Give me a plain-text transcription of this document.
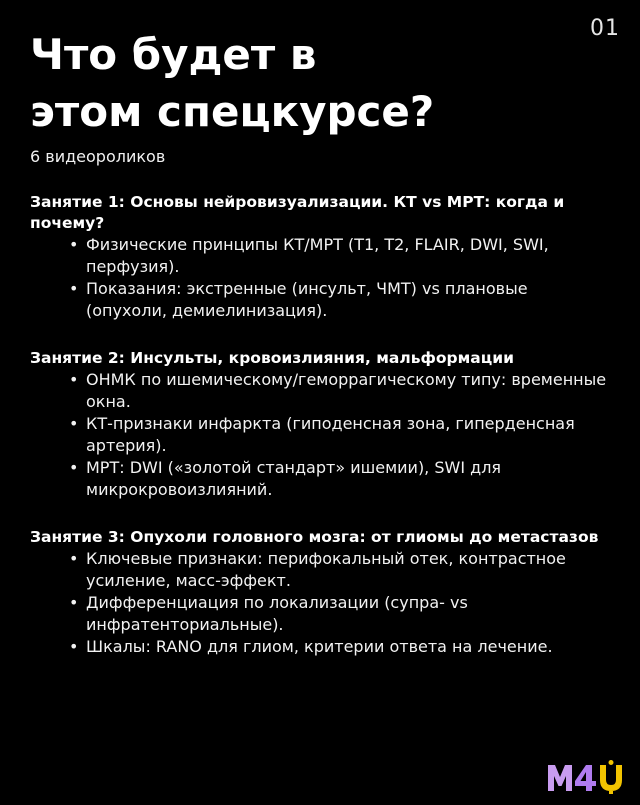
01
Что будет в
этом спецкурсе?
6 видеороликов

Занятие 1: Основы нейровизуализации. КТ vs МРТ: когда и почему?

• Физические принципы КТ/МРТ (T1, T2, FLAIR, DWI, SWI, перфузия).
• Показания: экстренные (инсульт, ЧМТ) vs плановые (опухоли, демиелинизация).

Занятие 2: Инсульты, кровоизлияния, мальформации

• ОНМК по ишемическому/геморрагическому типу: временные окна.
• КТ-признаки инфаркта (гиподенсная зона, гиперденсная артерия).
• МРТ: DWI («золотой стандарт» ишемии), SWI для микрокровоизлияний.

Занятие 3: Опухоли головного мозга: от глиомы до метастазов

• Ключевые признаки: перифокальный отек, контрастное усиление, масс-эффект.
• Дифференциация по локализации (супра- vs инфратенториальные).
• Шкалы: RANO для глиом, критерии ответа на лечение.
